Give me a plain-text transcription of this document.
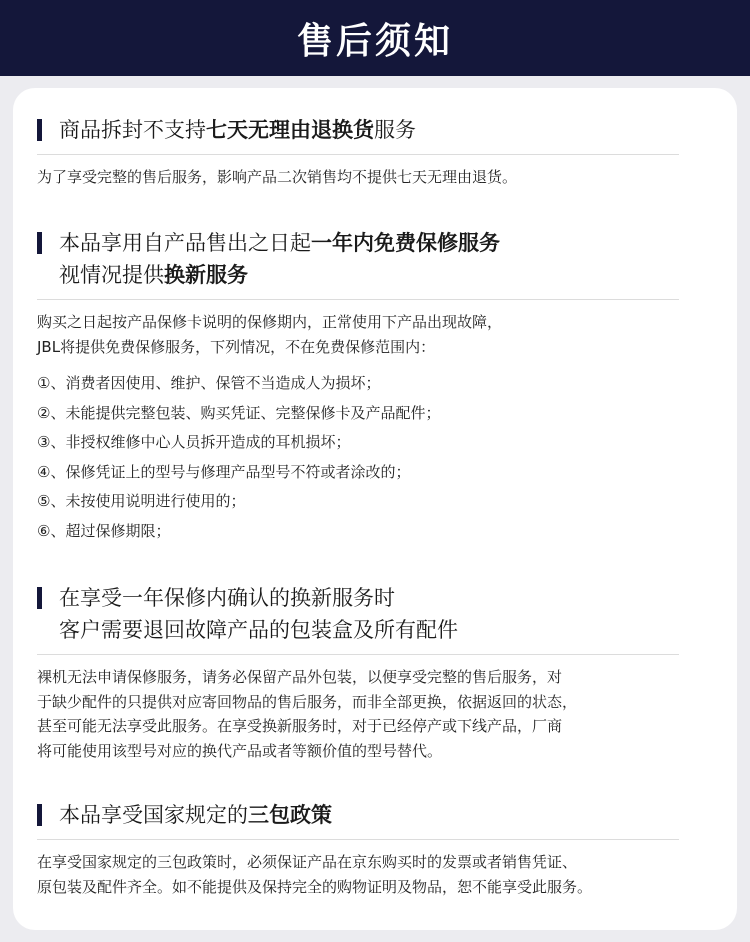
售后须知
商品拆封不支持七天无理由退换货服务
为了享受完整的售后服务，影响产品二次销售均不提供七天无理由退货。
本品享用自产品售出之日起一年内免费保修服务
视情况提供换新服务
购买之日起按产品保修卡说明的保修期内，正常使用下产品出现故障，
JBL将提供免费保修服务，下列情况，不在免费保修范围内：
①、消费者因使用、维护、保管不当造成人为损坏；
②、未能提供完整包装、购买凭证、完整保修卡及产品配件；
③、非授权维修中心人员拆开造成的耳机损坏；
④、保修凭证上的型号与修理产品型号不符或者涂改的；
⑤、未按使用说明进行使用的；
⑥、超过保修期限；
在享受一年保修内确认的换新服务时
客户需要退回故障产品的包装盒及所有配件
裸机无法申请保修服务，请务必保留产品外包装，以便享受完整的售后服务，对
于缺少配件的只提供对应寄回物品的售后服务，而非全部更换，依据返回的状态，
甚至可能无法享受此服务。在享受换新服务时，对于已经停产或下线产品，厂商
将可能使用该型号对应的换代产品或者等额价值的型号替代。
本品享受国家规定的三包政策
在享受国家规定的三包政策时，必须保证产品在京东购买时的发票或者销售凭证、
原包装及配件齐全。如不能提供及保持完全的购物证明及物品，恕不能享受此服务。
